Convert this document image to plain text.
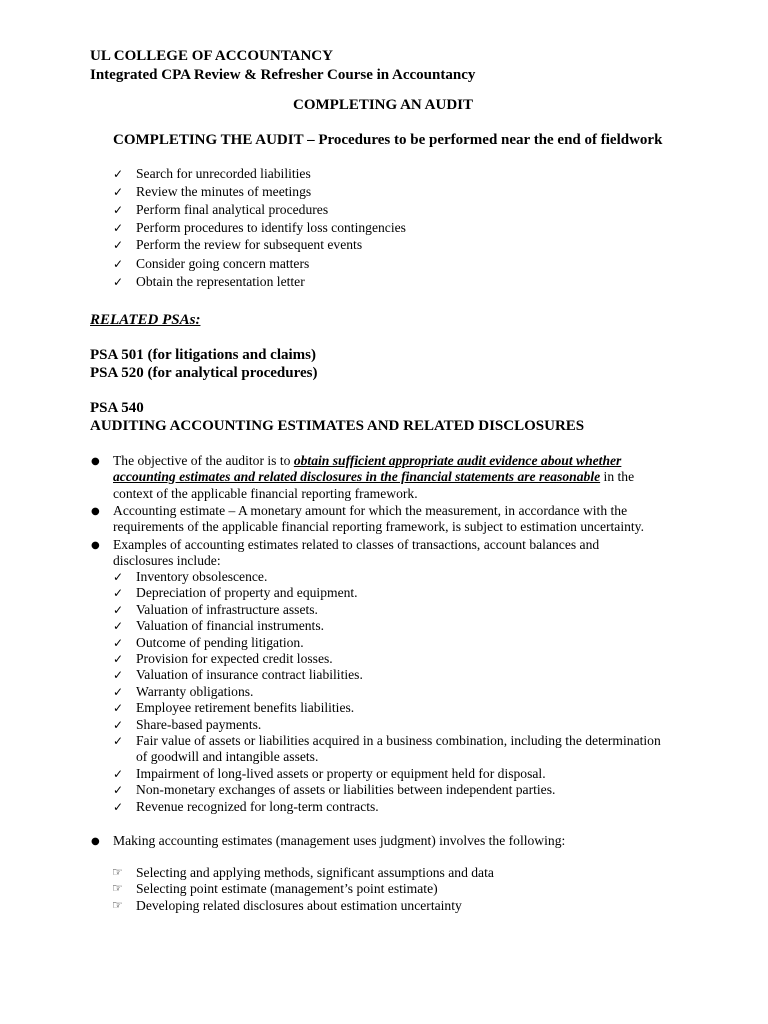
UL COLLEGE OF ACCOUNTANCY
Integrated CPA Review & Refresher Course in Accountancy
COMPLETING AN AUDIT
COMPLETING THE AUDIT – Procedures to be performed near the end of fieldwork
✓ Search for unrecorded liabilities
✓ Review the minutes of meetings
✓ Perform final analytical procedures
✓ Perform procedures to identify loss contingencies
✓ Perform the review for subsequent events
✓ Consider going concern matters
✓ Obtain the representation letter
RELATED PSAs:
PSA 501 (for litigations and claims)
PSA 520 (for analytical procedures)
PSA 540
AUDITING ACCOUNTING ESTIMATES AND RELATED DISCLOSURES
● The objective of the auditor is to obtain sufficient appropriate audit evidence about whether
accounting estimates and related disclosures in the financial statements are reasonable in the
context of the applicable financial reporting framework.
● Accounting estimate – A monetary amount for which the measurement, in accordance with the
requirements of the applicable financial reporting framework, is subject to estimation uncertainty.
● Examples of accounting estimates related to classes of transactions, account balances and
disclosures include:
✓ Inventory obsolescence.
✓ Depreciation of property and equipment.
✓ Valuation of infrastructure assets.
✓ Valuation of financial instruments.
✓ Outcome of pending litigation.
✓ Provision for expected credit losses.
✓ Valuation of insurance contract liabilities.
✓ Warranty obligations.
✓ Employee retirement benefits liabilities.
✓ Share-based payments.
✓ Fair value of assets or liabilities acquired in a business combination, including the determination
of goodwill and intangible assets.
✓ Impairment of long-lived assets or property or equipment held for disposal.
✓ Non-monetary exchanges of assets or liabilities between independent parties.
✓ Revenue recognized for long-term contracts.
● Making accounting estimates (management uses judgment) involves the following:
☞ Selecting and applying methods, significant assumptions and data
☞ Selecting point estimate (management’s point estimate)
☞ Developing related disclosures about estimation uncertainty
